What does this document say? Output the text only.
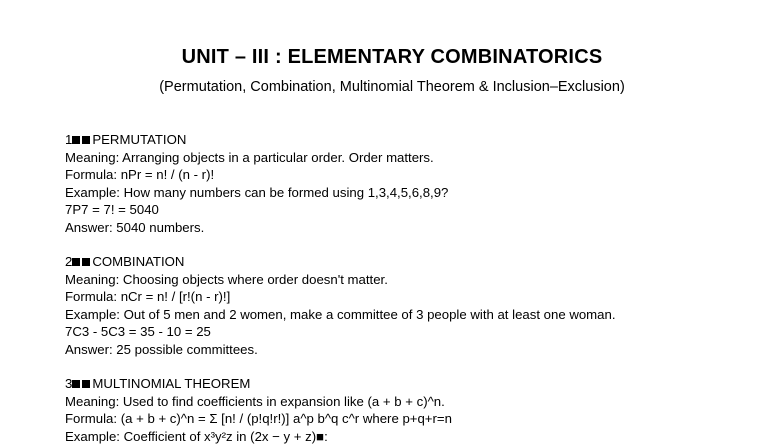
UNIT – III : ELEMENTARY COMBINATORICS
(Permutation, Combination, Multinomial Theorem & Inclusion–Exclusion)
1 PERMUTATION
Meaning: Arranging objects in a particular order. Order matters.
Formula: nPr = n! / (n - r)!
Example: How many numbers can be formed using 1,3,4,5,6,8,9?
7P7 = 7! = 5040
Answer: 5040 numbers.
2 COMBINATION
Meaning: Choosing objects where order doesn't matter.
Formula: nCr = n! / [r!(n - r)!]
Example: Out of 5 men and 2 women, make a committee of 3 people with at least one woman.
7C3 - 5C3 = 35 - 10 = 25
Answer: 25 possible committees.
3 MULTINOMIAL THEOREM
Meaning: Used to find coefficients in expansion like (a + b + c)^n.
Formula: (a + b + c)^n = Σ [n! / (p!q!r!)] a^p b^q c^r where p+q+r=n
Example: Coefficient of x³y²z in (2x − y + z)■:
